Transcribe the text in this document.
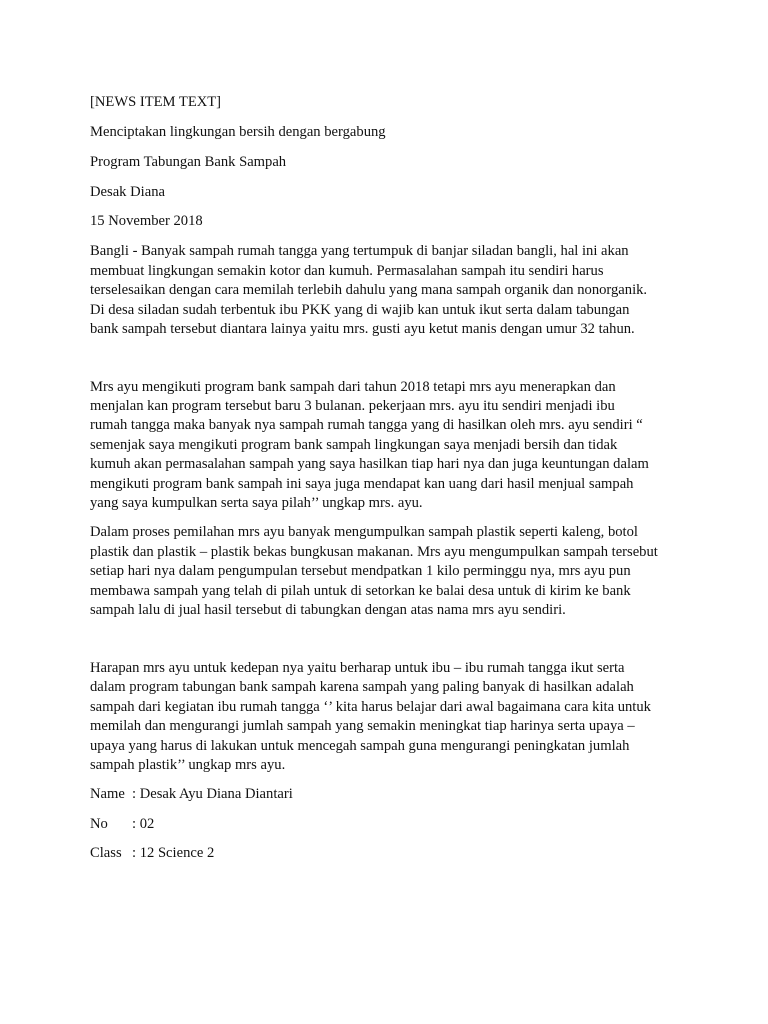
[NEWS ITEM TEXT]
Menciptakan lingkungan bersih dengan bergabung
Program Tabungan Bank Sampah
Desak Diana
15 November 2018
Bangli - Banyak sampah rumah tangga yang tertumpuk di banjar siladan bangli, hal ini akan
membuat lingkungan semakin kotor dan kumuh. Permasalahan sampah itu sendiri harus
terselesaikan dengan cara memilah terlebih dahulu yang mana sampah organik dan nonorganik.
Di desa siladan sudah terbentuk ibu PKK yang di wajib kan untuk ikut serta dalam tabungan
bank sampah tersebut diantara lainya yaitu mrs. gusti ayu ketut manis dengan umur 32 tahun.
Mrs ayu mengikuti program bank sampah dari tahun 2018 tetapi mrs ayu menerapkan dan
menjalan kan program tersebut baru 3 bulanan. pekerjaan mrs. ayu itu sendiri menjadi ibu
rumah tangga maka banyak nya sampah rumah tangga yang di hasilkan oleh mrs. ayu sendiri “
semenjak saya mengikuti program bank sampah lingkungan saya menjadi bersih dan tidak
kumuh akan permasalahan sampah yang saya hasilkan tiap hari nya dan juga keuntungan dalam
mengikuti program bank sampah ini saya juga mendapat kan uang dari hasil menjual sampah
yang saya kumpulkan serta saya pilah’’ ungkap mrs. ayu.
Dalam proses pemilahan mrs ayu banyak mengumpulkan sampah plastik seperti kaleng, botol
plastik dan plastik – plastik bekas bungkusan makanan. Mrs ayu mengumpulkan sampah tersebut
setiap hari nya dalam pengumpulan tersebut mendpatkan 1 kilo perminggu nya, mrs ayu pun
membawa sampah yang telah di pilah untuk di setorkan ke balai desa untuk di kirim ke bank
sampah lalu di jual hasil tersebut di tabungkan dengan atas nama mrs ayu sendiri.
Harapan mrs ayu untuk kedepan nya yaitu berharap untuk ibu – ibu rumah tangga ikut serta
dalam program tabungan bank sampah karena sampah yang paling banyak di hasilkan adalah
sampah dari kegiatan ibu rumah tangga ‘’ kita harus belajar dari awal bagaimana cara kita untuk
memilah dan mengurangi jumlah sampah yang semakin meningkat tiap harinya serta upaya –
upaya yang harus di lakukan untuk mencegah sampah guna mengurangi peningkatan jumlah
sampah plastik’’ ungkap mrs ayu.
Name : Desak Ayu Diana Diantari
No : 02
Class : 12 Science 2
